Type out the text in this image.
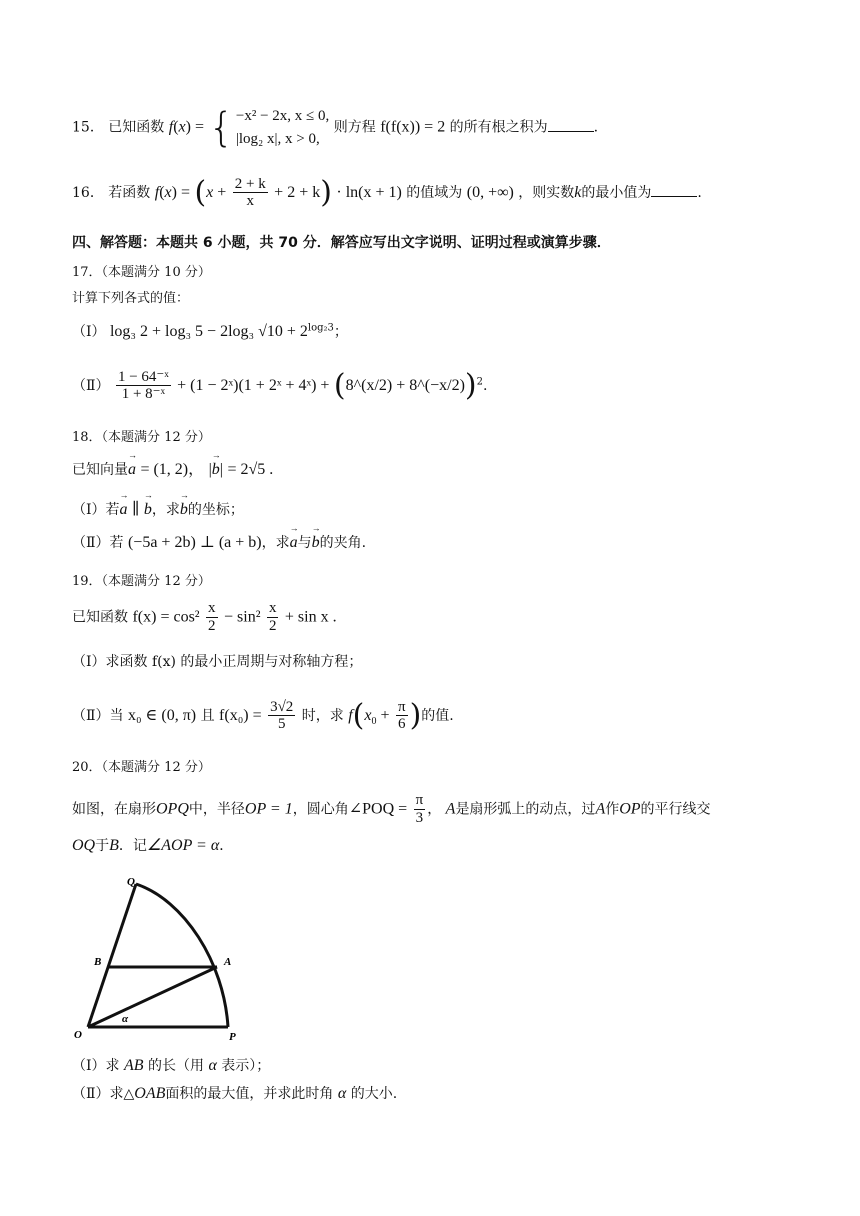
15． 已知函数 f(x) = { −x² − 2x, x ≤ 0,
|log₂ x|, x > 0,
则方程 f(f(x)) = 2 的所有根之积为	.
16． 若函数 $f(x) = (x + \frac{2 + k}{x} + 2 + k) \cdot \ln(x + 1)$ 的值域为 (0, +∞) ，则实数k的最小值为	.
四、解答题：本题共 6 小题，共 70 分．解答应写出文字说明、证明过程或演算步骤．
17．（本题满分 10 分）
计算下列各式的值：
（Ⅰ） log₃ 2 + log₃ 5 − 2log₃ $√10 + 2^{log_23}$；
（Ⅱ） $\frac{\text{1 − 64⁻ˣ}}{\text{1 + 8⁻ˣ}} + (1$ − 2ˣ)(1 + 2ˣ + 4ˣ) + (8^(x/2) + 8^(−x/2))$^2$.
18．（本题满分 12 分）
已知向量→ a = (1, 2)， |→ b| = 2√5 .
（Ⅰ）若→ a ∥ → b，求→ b的坐标；
（Ⅱ）若 (−5a + 2b) ⊥ (a + b)，求→ a与→ b的夹角.
19．（本题满分 12 分）
已知函数 $f(x) = \cos^2 \frac{x}{2} - \sin^2 \frac{x}{2} + \sin x$ .
（Ⅰ）求函数 f(x) 的最小正周期与对称轴方程；
（Ⅱ）当 x₀ ∈ (0, π) 且 $f(x_0) = \frac{3√2}{5}$ 时，求 $f(x_0 + \frac{\pi}{6}$ )的值.
20．（本题满分 12 分）
如图，在扇形OPQ中，半径OP = 1，圆心角∠POQ = $\frac{\pi}{3}$ ， A是扇形弧上的动点，过A作OP的平行线交
OQ于B．记∠AOP = α．
Q
B	A
O	P
α
（Ⅰ）求 AB 的长（用 α 表示）；
（Ⅱ）求△OAB面积的最大值，并求此时角 α 的大小.
